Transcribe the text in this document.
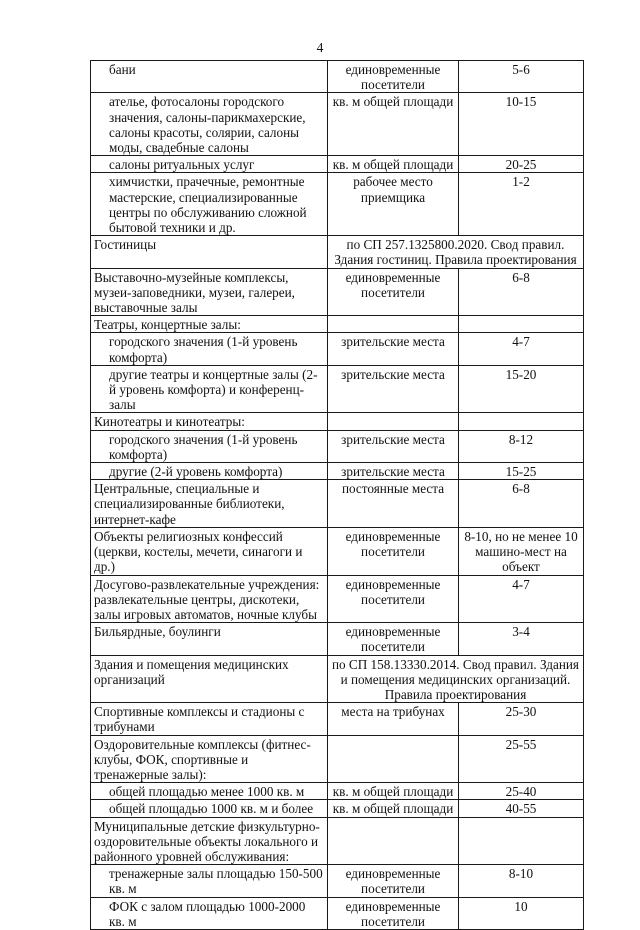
4
бани	единовременные посетители	5-6
ателье, фотосалоны городского значения, салоны-парикмахерские, салоны красоты, солярии, салоны моды, свадебные салоны	кв. м общей площади	10-15
салоны ритуальных услуг	кв. м общей площади	20-25
химчистки, прачечные, ремонтные мастерские, специализированные центры по обслуживанию сложной бытовой техники и др.	рабочее место приемщика	1-2
Гостиницы	по СП 257.1325800.2020. Свод правил. Здания гостиниц. Правила проектирования	
Выставочно-музейные комплексы, музеи-заповедники, музеи, галереи, выставочные залы	единовременные посетители	6-8
Театры, концертные залы:		
городского значения (1-й уровень комфорта)	зрительские места	4-7
другие театры и концертные залы (2-й уровень комфорта) и конференц-залы	зрительские места	15-20
Кинотеатры и кинотеатры:		
городского значения (1-й уровень комфорта)	зрительские места	8-12
другие (2-й уровень комфорта)	зрительские места	15-25
Центральные, специальные и специализированные библиотеки, интернет-кафе	постоянные места	6-8
Объекты религиозных конфессий (церкви, костелы, мечети, синагоги и др.)	единовременные посетители	8-10, но не менее 10 машино-мест на объект
Досугово-развлекательные учреждения: развлекательные центры, дискотеки, залы игровых автоматов, ночные клубы	единовременные посетители	4-7
Бильярдные, боулинги	единовременные посетители	3-4
Здания и помещения медицинских организаций	по СП 158.13330.2014. Свод правил. Здания и помещения медицинских организаций. Правила проектирования	
Спортивные комплексы и стадионы с трибунами	места на трибунах	25-30
Оздоровительные комплексы (фитнес-клубы, ФОК, спортивные и тренажерные залы):		25-55
общей площадью менее 1000 кв. м	кв. м общей площади	25-40
общей площадью 1000 кв. м и более	кв. м общей площади	40-55
Муниципальные детские физкультурно-оздоровительные объекты локального и районного уровней обслуживания:		
тренажерные залы площадью 150-500 кв. м	единовременные посетители	8-10
ФОК с залом площадью 1000-2000 кв. м	единовременные посетители	10
